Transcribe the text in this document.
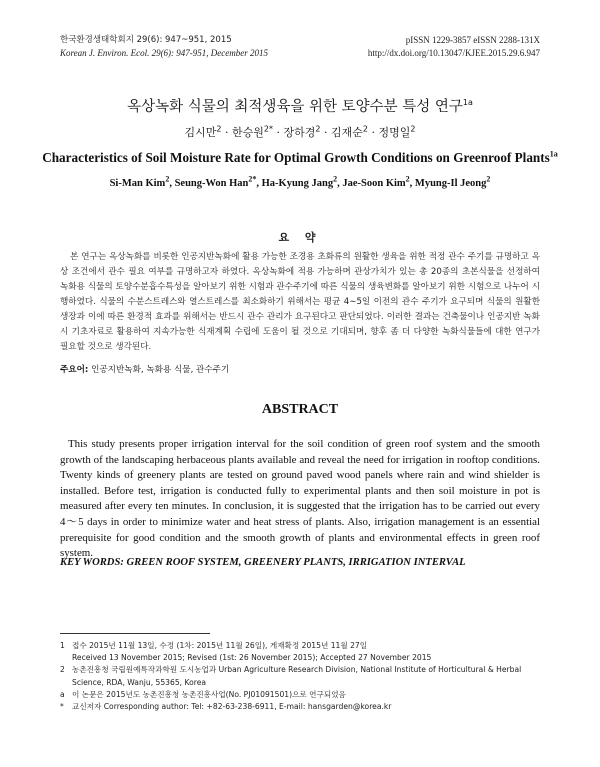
한국환경생태학회지 29(6): 947~951, 2015
Korean J. Environ. Ecol. 29(6): 947-951, December 2015
pISSN 1229-3857 eISSN 2288-131X
http://dx.doi.org/10.13047/KJEE.2015.29.6.947
옥상녹화 식물의 최적생육을 위한 토양수분 특성 연구$^{1a}$
김시만$^2$ · 한승원$^{2*}$ · 장하경$^2$ · 김재순$^2$ · 정명일$^2$
Characteristics of Soil Moisture Rate for Optimal Growth Conditions on Greenroof Plants$^{1a}$
Si-Man Kim$^2$, Seung-Won Han$^{2*}$, Ha-Kyung Jang$^2$, Jae-Soon Kim$^2$, Myung-Il Jeong$^2$
요 약
본 연구는 옥상녹화를 비롯한 인공지반녹화에 활용 가능한 조경용 초화류의 원활한 생육을 위한 적정 관수 주기를 규명하고 옥상 조건에서 관수 필요 여부를 규명하고자 하였다. 옥상녹화에 적용 가능하며 관상가치가 있는 총 20종의 초본식물을 선정하여 녹화용 식물의 토양수분흡수특성을 알아보기 위한 시험과 관수주기에 따른 식물의 생육변화를 알아보기 위한 시험으로 나누어 시행하였다. 식물의 수분스트레스와 열스트레스를 최소화하기 위해서는 평균 4∼5일 이전의 관수 주기가 요구되며 식물의 원활한 생장과 이에 따른 환경적 효과를 위해서는 반드시 관수 관리가 요구된다고 판단되었다. 이러한 결과는 건축물이나 인공지반 녹화 시 기초자료로 활용하여 지속가능한 식재계획 수립에 도움이 될 것으로 기대되며, 향후 좀 더 다양한 녹화식물들에 대한 연구가 필요할 것으로 생각된다.
주요어: 인공지반녹화, 녹화용 식물, 관수주기
ABSTRACT
This study presents proper irrigation interval for the soil condition of green roof system and the smooth growth of the landscaping herbaceous plants available and reveal the need for irrigation in rooftop conditions. Twenty kinds of greenery plants are tested on ground paved wood panels where rain and wind shielder is installed. Before test, irrigation is conducted fully to experimental plants and then soil moisture in pot is measured after every ten minutes. In conclusion, it is suggested that the irrigation has to be carried out every 4～5 days in order to minimize water and heat stress of plants. Also, irrigation management is an essential prerequisite for good condition and the smooth growth of plants and environmental effects in green roof system.
KEY WORDS: GREEN ROOF SYSTEM, GREENERY PLANTS, IRRIGATION INTERVAL
1 접수 2015년 11월 13일, 수정 (1차: 2015년 11월 26일), 게재확정 2015년 11월 27일
Received 13 November 2015; Revised (1st: 26 November 2015); Accepted 27 November 2015
2 농촌진흥청 국립원예특작과학원 도시농업과 Urban Agriculture Research Division, National Institute of Horticultural & Herbal Science, RDA, Wanju, 55365, Korea
a 이 논문은 2015년도 농촌진흥청 농촌진흥사업(No. PJ01091501)으로 연구되었음
* 교신저자 Corresponding author: Tel: +82-63-238-6911, E-mail: hansgarden@korea.kr
